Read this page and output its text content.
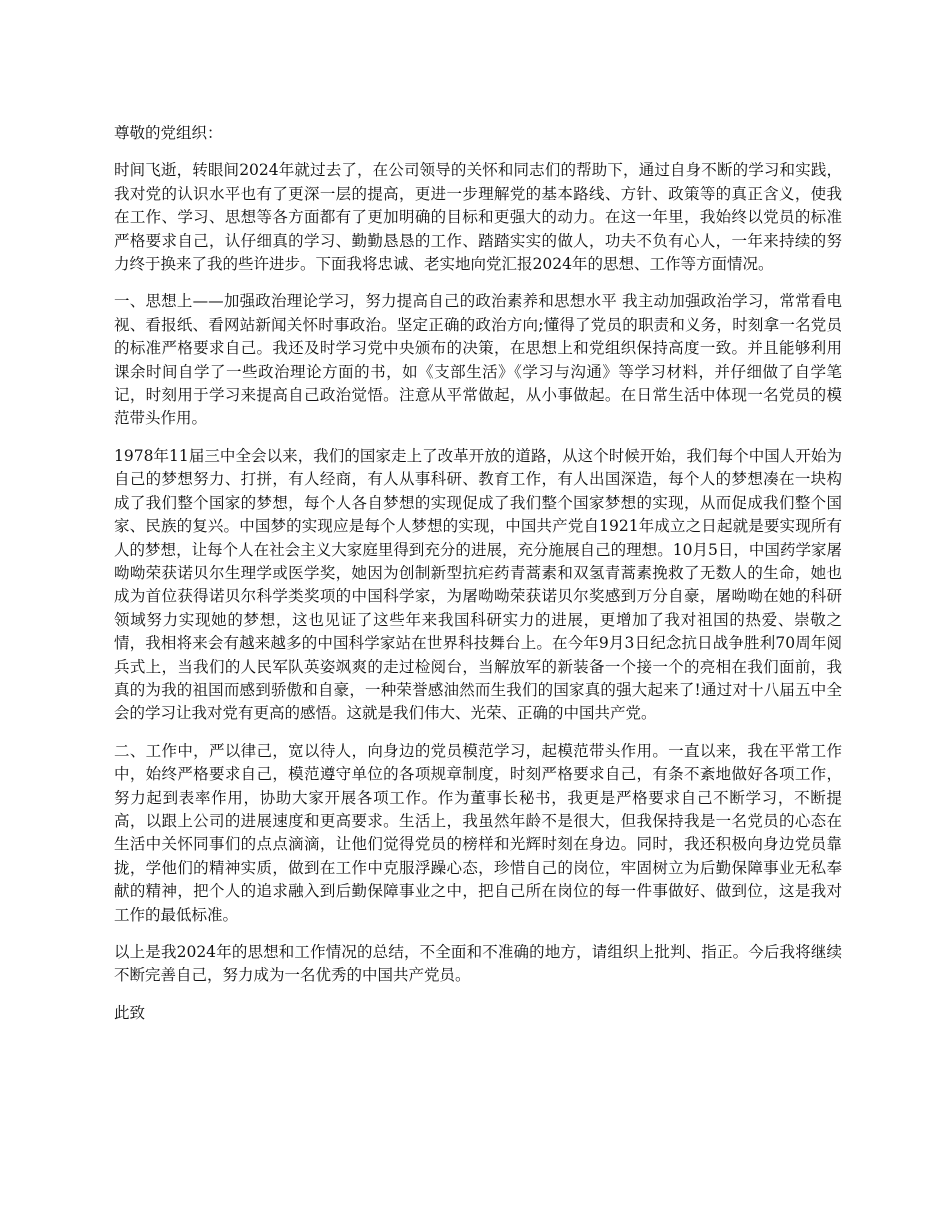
尊敬的党组织：

时间飞逝，转眼间2024年就过去了，在公司领导的关怀和同志们的帮助下，通过自身不断的学习和实践，我对党的认识水平也有了更深一层的提高，更进一步理解党的基本路线、方针、政策等的真正含义，使我在工作、学习、思想等各方面都有了更加明确的目标和更强大的动力。在这一年里，我始终以党员的标准严格要求自己，认仔细真的学习、勤勤恳恳的工作、踏踏实实的做人，功夫不负有心人，一年来持续的努力终于换来了我的些许进步。下面我将忠诚、老实地向党汇报2024年的思想、工作等方面情况。

一、思想上——加强政治理论学习，努力提高自己的政治素养和思想水平 我主动加强政治学习，常常看电视、看报纸、看网站新闻关怀时事政治。坚定正确的政治方向;懂得了党员的职责和义务，时刻拿一名党员的标准严格要求自己。我还及时学习党中央颁布的决策，在思想上和党组织保持高度一致。并且能够利用课余时间自学了一些政治理论方面的书，如《支部生活》《学习与沟通》等学习材料，并仔细做了自学笔记，时刻用于学习来提高自己政治觉悟。注意从平常做起，从小事做起。在日常生活中体现一名党员的模范带头作用。

1978年11届三中全会以来，我们的国家走上了改革开放的道路，从这个时候开始，我们每个中国人开始为自己的梦想努力、打拼，有人经商，有人从事科研、教育工作，有人出国深造，每个人的梦想凑在一块构成了我们整个国家的梦想，每个人各自梦想的实现促成了我们整个国家梦想的实现，从而促成我们整个国家、民族的复兴。中国梦的实现应是每个人梦想的实现，中国共产党自1921年成立之日起就是要实现所有人的梦想，让每个人在社会主义大家庭里得到充分的进展，充分施展自己的理想。10月5日，中国药学家屠呦呦荣获诺贝尔生理学或医学奖，她因为创制新型抗疟药青蒿素和双氢青蒿素挽救了无数人的生命，她也成为首位获得诺贝尔科学类奖项的中国科学家，为屠呦呦荣获诺贝尔奖感到万分自豪，屠呦呦在她的科研领域努力实现她的梦想，这也见证了这些年来我国科研实力的进展，更增加了我对祖国的热爱、崇敬之情，我相将来会有越来越多的中国科学家站在世界科技舞台上。在今年9月3日纪念抗日战争胜利70周年阅兵式上，当我们的人民军队英姿飒爽的走过检阅台，当解放军的新装备一个接一个的亮相在我们面前，我真的为我的祖国而感到骄傲和自豪，一种荣誉感油然而生我们的国家真的强大起来了!通过对十八届五中全会的学习让我对党有更高的感悟。这就是我们伟大、光荣、正确的中国共产党。

二、工作中，严以律己，宽以待人，向身边的党员模范学习，起模范带头作用。一直以来，我在平常工作中，始终严格要求自己，模范遵守单位的各项规章制度，时刻严格要求自己，有条不紊地做好各项工作，努力起到表率作用，协助大家开展各项工作。作为董事长秘书，我更是严格要求自己不断学习，不断提高，以跟上公司的进展速度和更高要求。生活上，我虽然年龄不是很大，但我保持我是一名党员的心态在生活中关怀同事们的点点滴滴，让他们觉得党员的榜样和光辉时刻在身边。同时，我还积极向身边党员靠拢，学他们的精神实质，做到在工作中克服浮躁心态，珍惜自己的岗位，牢固树立为后勤保障事业无私奉献的精神，把个人的追求融入到后勤保障事业之中，把自己所在岗位的每一件事做好、做到位，这是我对工作的最低标准。

以上是我2024年的思想和工作情况的总结，不全面和不准确的地方，请组织上批判、指正。今后我将继续不断完善自己，努力成为一名优秀的中国共产党员。

此致
